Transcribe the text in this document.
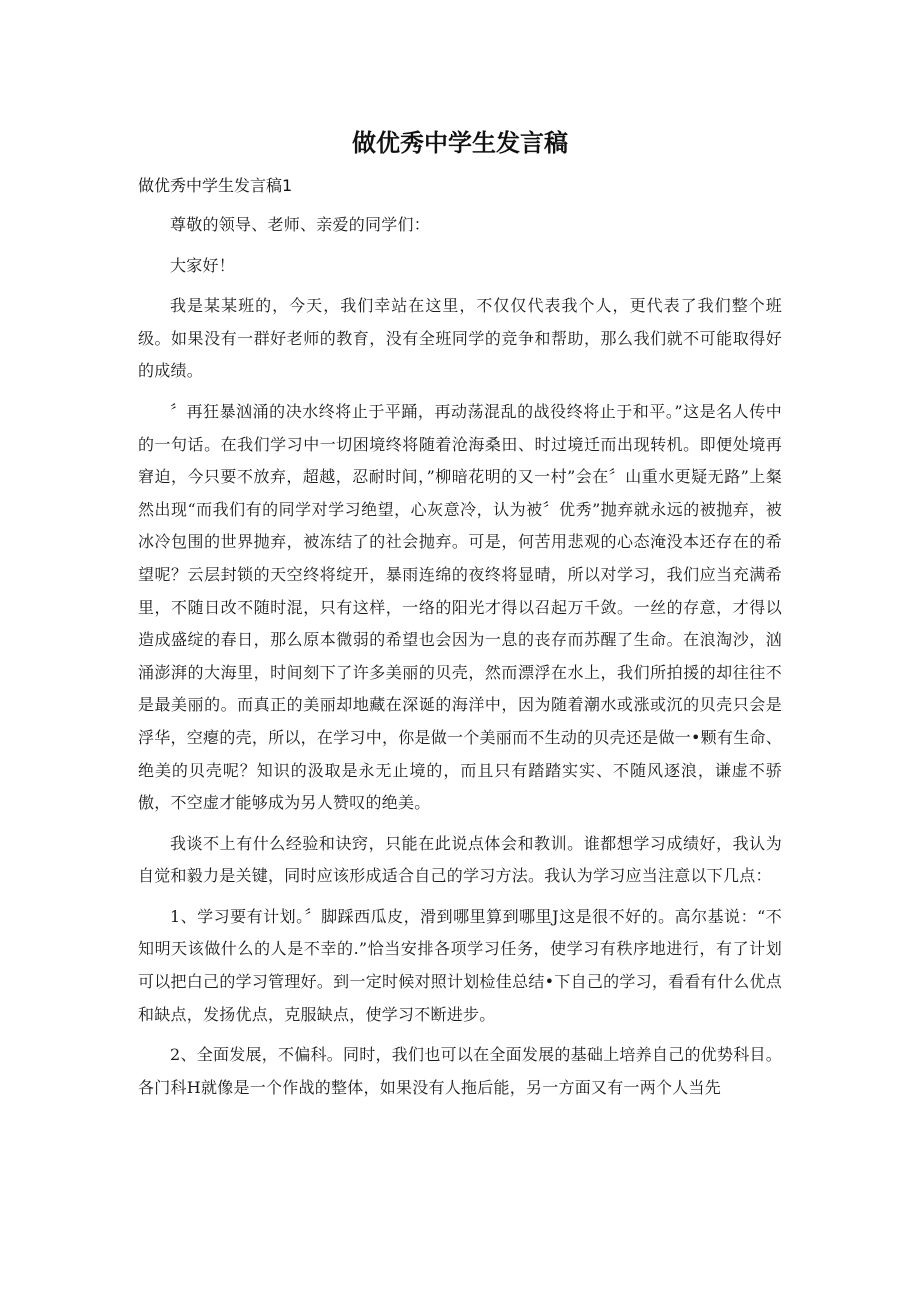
做优秀中学生发言稿
做优秀中学生发言稿1

尊敬的领导、老师、亲爱的同学们：

大家好！

我是某某班的，今天，我们幸站在这里，不仅仅代表我个人，更代表了我们整个班级。如果没有一群好老师的教育，没有全班同学的竞争和帮助，那么我们就不可能取得好的成绩。

〞再狂暴汹涌的决水终将止于平踊，再动荡混乱的战役终将止于和平。”这是名人传中的一句话。在我们学习中一切困境终将随着沧海桑田、时过境迁而出现转机。即便处境再窘迫，今只要不放弃，超越，忍耐时间，”柳暗花明的又一村”会在〞山重水更疑无路”上粲然出现“而我们有的同学对学习绝望，心灰意冷，认为被〞优秀”抛弃就永远的被抛弃，被冰冷包围的世界抛弃，被冻结了的社会抛弃。可是，何苦用悲观的心态淹没本还存在的希望呢？云层封锁的天空终将绽开，暴雨连绵的夜终将显晴，所以对学习，我们应当充满希里，不随日改不随时混，只有这样，一络的阳光才得以召起万千敛。一丝的存意，才得以造成盛绽的春日，那么原本微弱的希望也会因为一息的丧存而苏醒了生命。在浪淘沙，汹涌澎湃的大海里，时间刻下了许多美丽的贝壳，然而漂浮在水上，我们所拍援的却往往不是最美丽的。而真正的美丽却地藏在深诞的海洋中，因为随着潮水或涨或沉的贝壳只会是浮华，空瘪的壳，所以，在学习中，你是做一个美丽而不生动的贝壳还是做一•颗有生命、绝美的贝壳呢？知识的汲取是永无止境的，而且只有踏踏实实、不随风逐浪，谦虚不骄傲，不空虚才能够成为另人赞叹的绝美。

我谈不上有什么经验和诀窍，只能在此说点体会和教训。谁都想学习成绩好，我认为自觉和毅力是关键，同时应该形成适合自己的学习方法。我认为学习应当注意以下几点：

1、学习要有计划。〞脚踩西瓜皮，滑到哪里算到哪里J这是很不好的。高尔基说：“不知明天该做什么的人是不幸的.”恰当安排各项学习任务，使学习有秩序地进行，有了计划可以把白己的学习管理好。到一定时候对照计划检佳总结•下自己的学习，看看有什么优点和缺点，发扬优点，克服缺点，使学习不断进步。

2、全面发展，不偏科。同时，我们也可以在全面发展的基础上培养自己的优势科目。各门科H就像是一个作战的整体，如果没有人拖后能，另一方面又有一两个人当先
